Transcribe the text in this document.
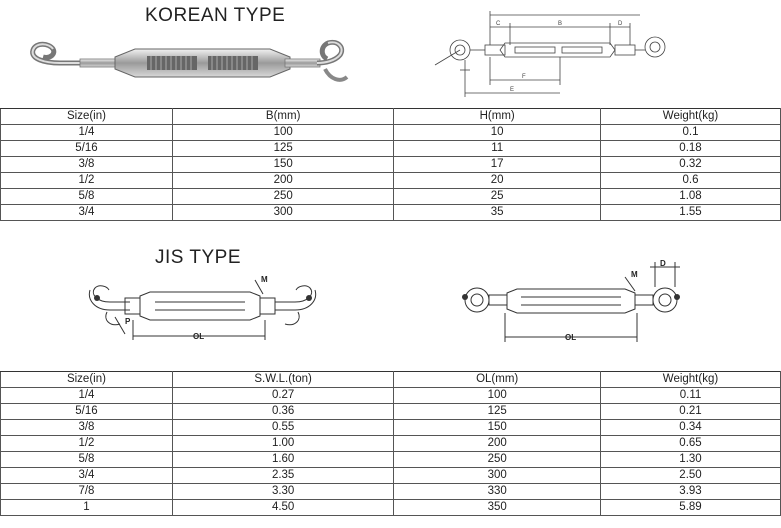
KOREAN TYPE	C	B	D
F
E
Size(in)	B(mm)	H(mm)	Weight(kg)
1/4	100	10	0.1
5/16	125	11	0.18
3/8	150	17	0.32
1/2	200	20	0.6
5/8	250	25	1.08
3/4	300	35	1.55
JIS TYPE
M
P
OL
M
D
OL
Size(in)	S.W.L.(ton)	OL(mm)	Weight(kg)
1/4	0.27	100	0.11
5/16	0.36	125	0.21
3/8	0.55	150	0.34
1/2	1.00	200	0.65
5/8	1.60	250	1.30
3/4	2.35	300	2.50
7/8	3.30	330	3.93
1	4.50	350	5.89
